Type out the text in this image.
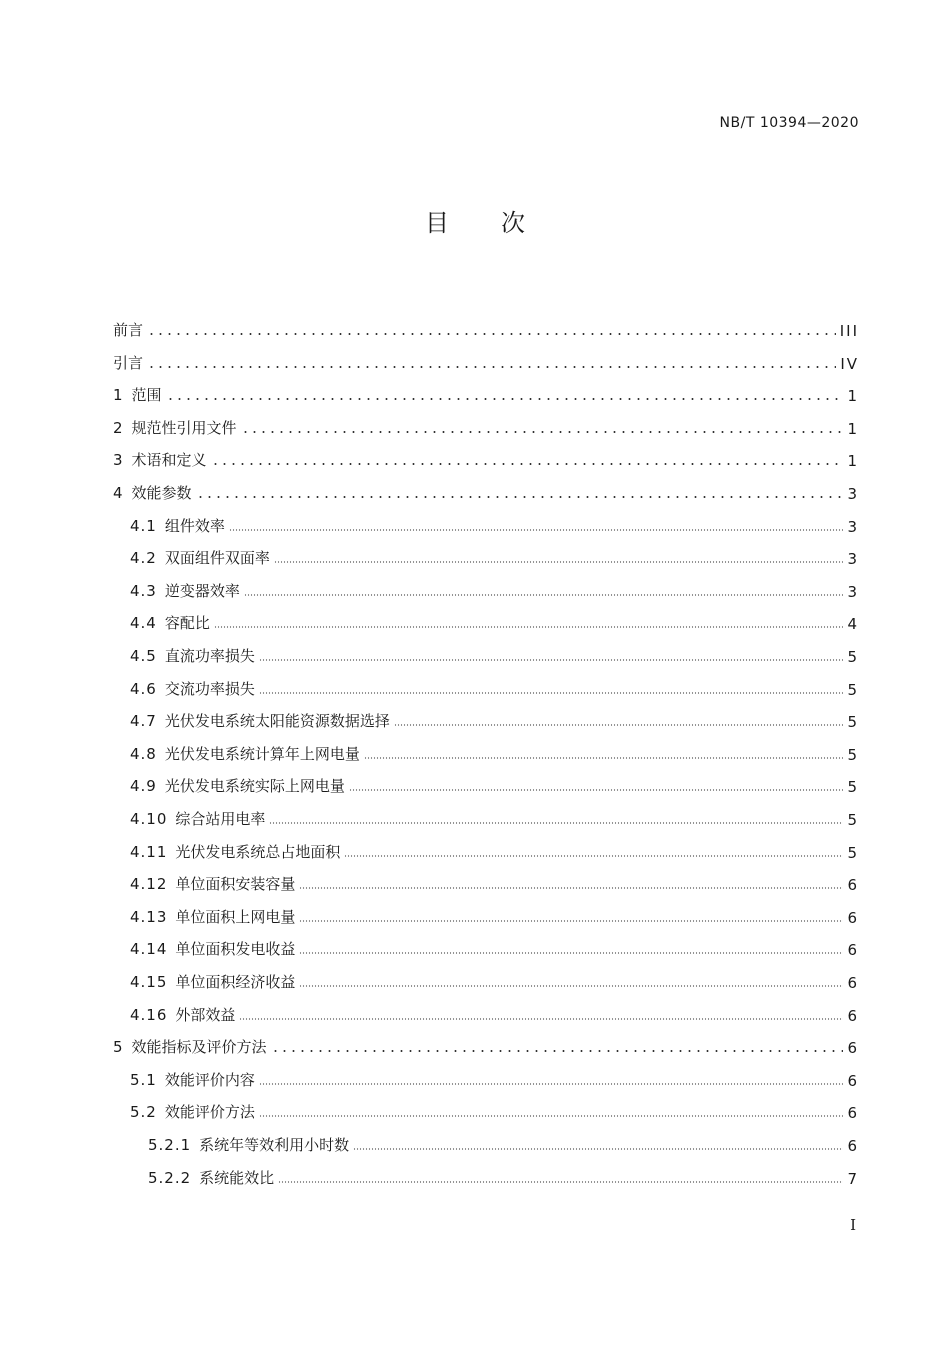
NB/T 10394—2020
目次
前言	III
引言	IV
1 范围	1
2 规范性引用文件	1
3 术语和定义	1
4 效能参数	3
4.1 组件效率	3
4.2 双面组件双面率	3
4.3 逆变器效率	3
4.4 容配比	4
4.5 直流功率损失	5
4.6 交流功率损失	5
4.7 光伏发电系统太阳能资源数据选择	5
4.8 光伏发电系统计算年上网电量	5
4.9 光伏发电系统实际上网电量	5
4.10 综合站用电率	5
4.11 光伏发电系统总占地面积	5
4.12 单位面积安装容量	6
4.13 单位面积上网电量	6
4.14 单位面积发电收益	6
4.15 单位面积经济收益	6
4.16 外部效益	6
5 效能指标及评价方法	6
5.1 效能评价内容	6
5.2 效能评价方法	6
5.2.1 系统年等效利用小时数	6
5.2.2 系统能效比	7
I
